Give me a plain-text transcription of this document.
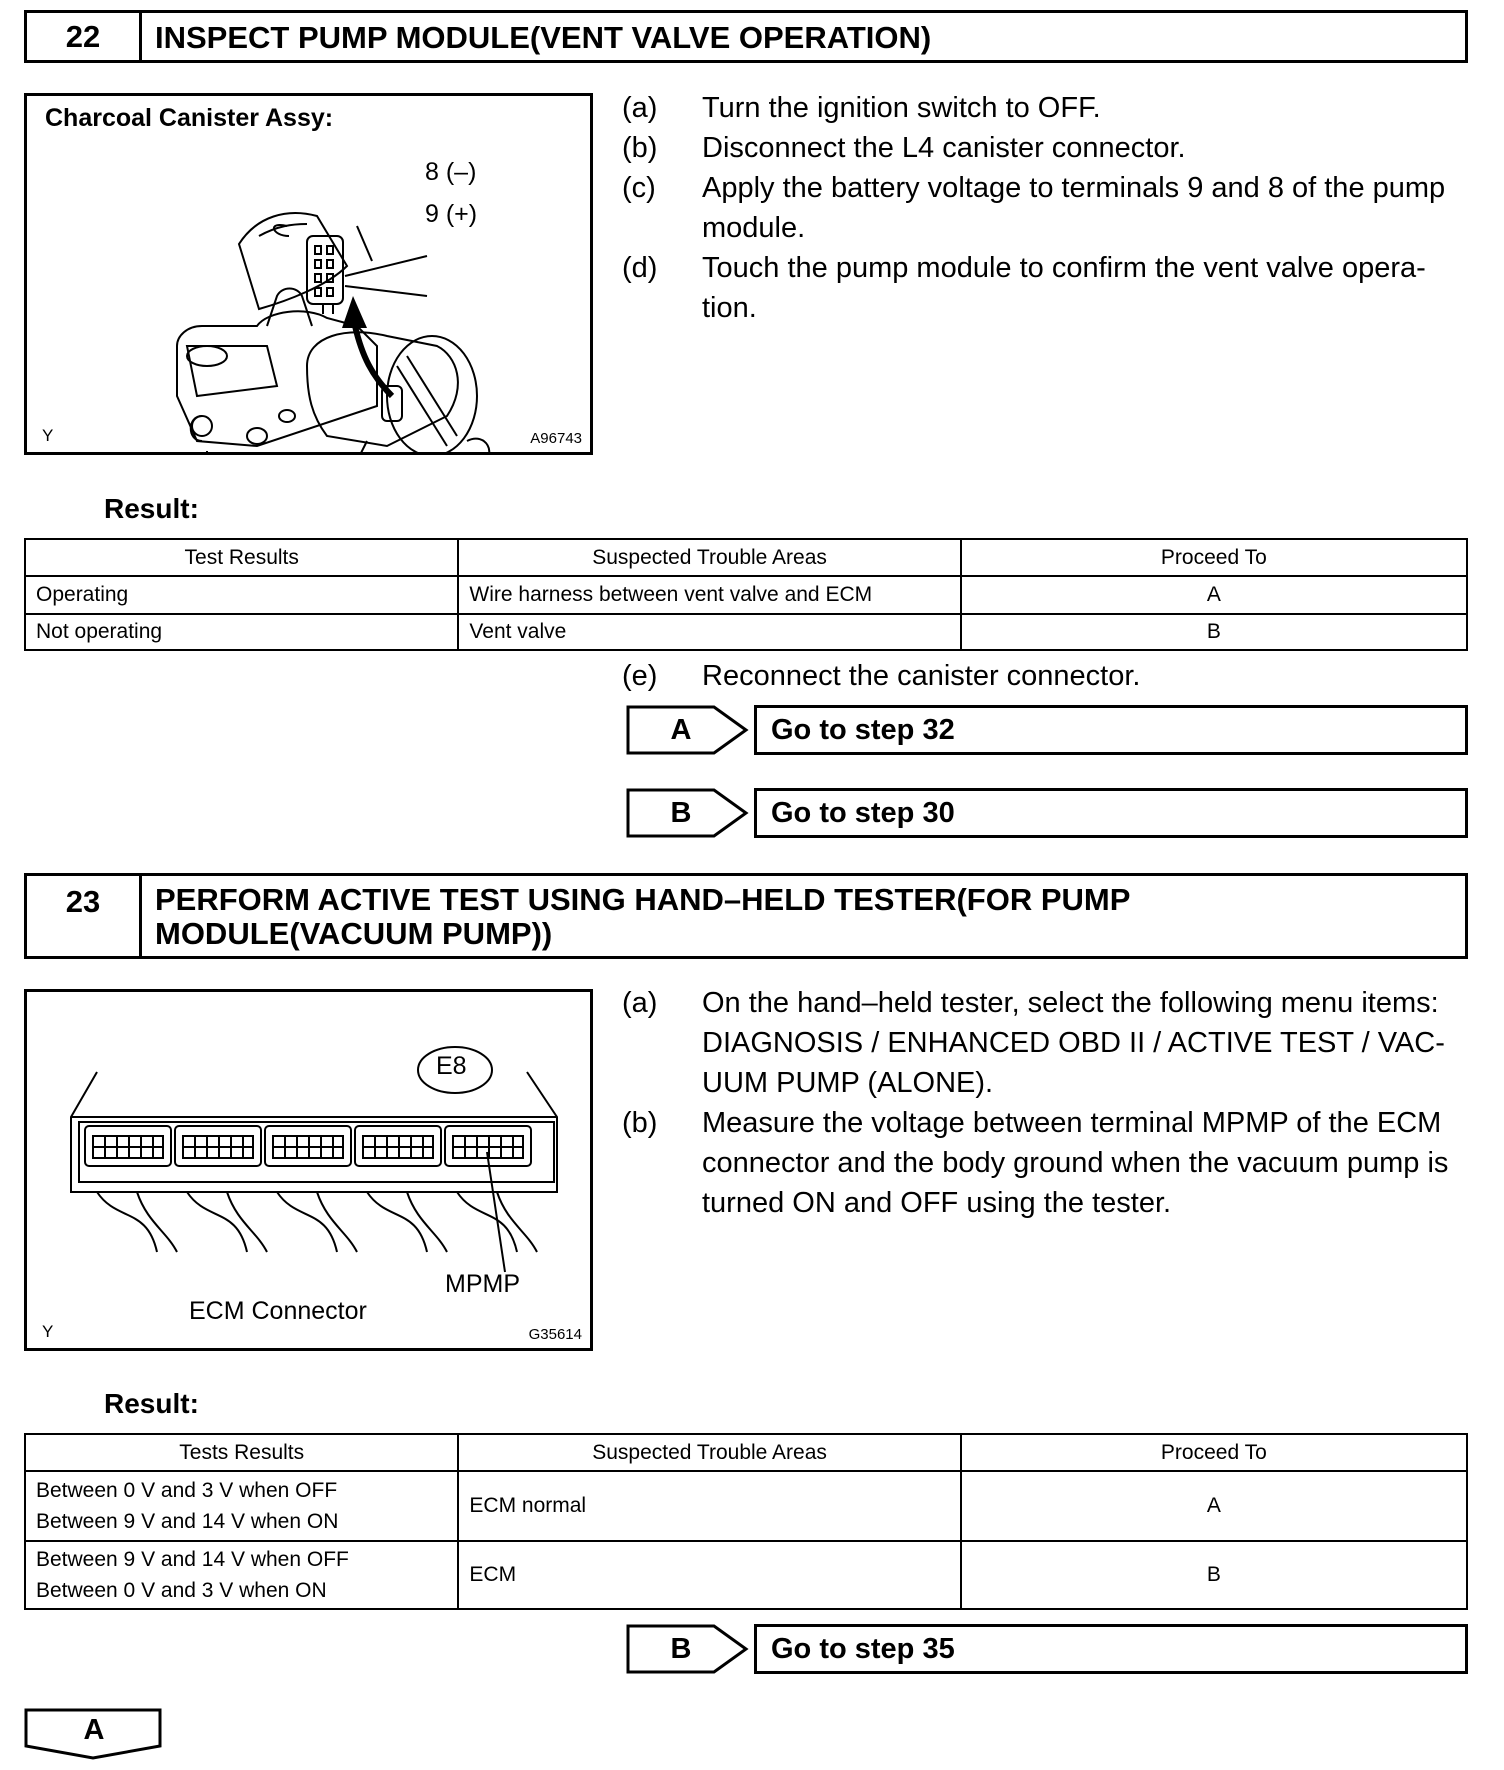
22	INSPECT PUMP MODULE(VENT VALVE OPERATION)
Charcoal Canister Assy:
8 (–)
9 (+)
Y	A96743
(a)	Turn the ignition switch to OFF.
(b)	Disconnect the L4 canister connector.
(c)	Apply the battery voltage to terminals 9 and 8 of the pump module.
(d)	Touch the pump module to confirm the vent valve opera-tion.
Result:
Test Results	Suspected Trouble Areas	Proceed To
Operating	Wire harness between vent valve and ECM	A
Not operating	Vent valve	B
(e)	Reconnect the canister connector.
A	Go to step 32
B	Go to step 30
23	PERFORM ACTIVE TEST USING HAND–HELD TESTER(FOR PUMP
MODULE(VACUUM PUMP))
E8
MPMP
ECM Connector
Y	G35614
(a)	On the hand–held tester, select the following menu items: DIAGNOSIS / ENHANCED OBD II / ACTIVE TEST / VAC-UUM PUMP (ALONE).
(b)	Measure the voltage between terminal MPMP of the ECM connector and the body ground when the vacuum pump is turned ON and OFF using the tester.
Result:
Tests Results	Suspected Trouble Areas	Proceed To

Between 0 V and 3 V when OFF
Between 9 V and 14 V when ON	ECM normal	A

Between 9 V and 14 V when OFF
Between 0 V and 3 V when ON	ECM	B
B	Go to step 35
A
